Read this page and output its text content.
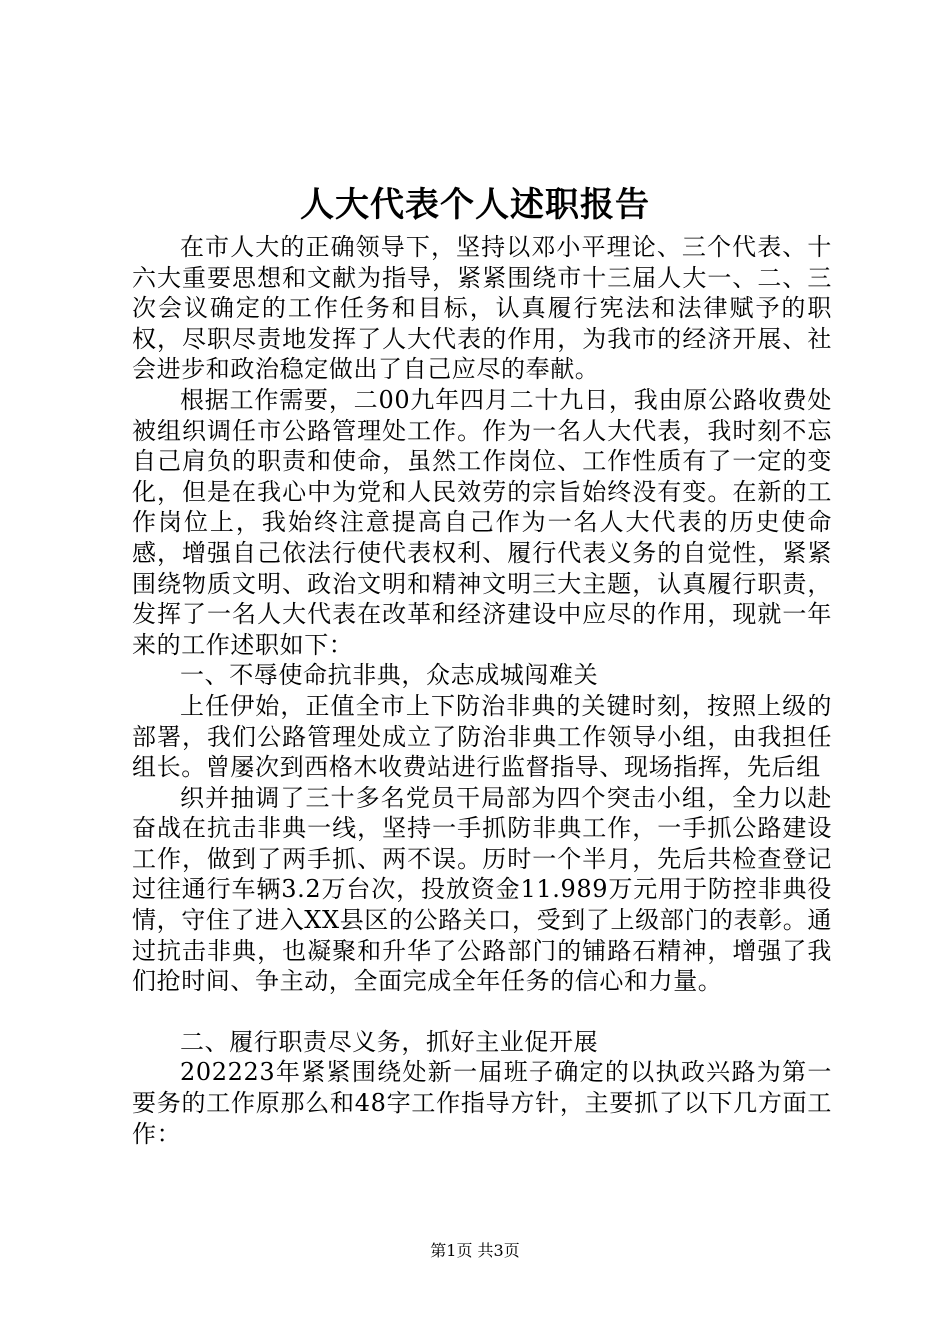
人大代表个人述职报告

在市人大的正确领导下，坚持以邓小平理论、三个代表、十六大重要思想和文献为指导，紧紧围绕市十三届人大一、二、三次会议确定的工作任务和目标，认真履行宪法和法律赋予的职权，尽职尽责地发挥了人大代表的作用，为我市的经济开展、社会进步和政治稳定做出了自己应尽的奉献。

根据工作需要，二00九年四月二十九日，我由原公路收费处被组织调任市公路管理处工作。作为一名人大代表，我时刻不忘自己肩负的职责和使命，虽然工作岗位、工作性质有了一定的变化，但是在我心中为党和人民效劳的宗旨始终没有变。在新的工作岗位上，我始终注意提高自己作为一名人大代表的历史使命感，增强自己依法行使代表权利、履行代表义务的自觉性，紧紧围绕物质文明、政治文明和精神文明三大主题，认真履行职责，发挥了一名人大代表在改革和经济建设中应尽的作用，现就一年来的工作述职如下：

一、不辱使命抗非典，众志成城闯难关

上任伊始，正值全市上下防治非典的关键时刻，按照上级的部署，我们公路管理处成立了防治非典工作领导小组，由我担任组长。曾屡次到西格木收费站进行监督指导、现场指挥，先后组

织并抽调了三十多名党员干局部为四个突击小组，全力以赴奋战在抗击非典一线，坚持一手抓防非典工作，一手抓公路建设工作，做到了两手抓、两不误。历时一个半月，先后共检查登记过往通行车辆3.2万台次，投放资金11.989万元用于防控非典役情，守住了进入XX县区的公路关口，受到了上级部门的表彰。通过抗击非典，也凝聚和升华了公路部门的铺路石精神，增强了我们抢时间、争主动，全面完成全年任务的信心和力量。

二、履行职责尽义务，抓好主业促开展

202223年紧紧围绕处新一届班子确定的以执政兴路为第一要务的工作原那么和48字工作指导方针，主要抓了以下几方面工作：

第1页 共3页
